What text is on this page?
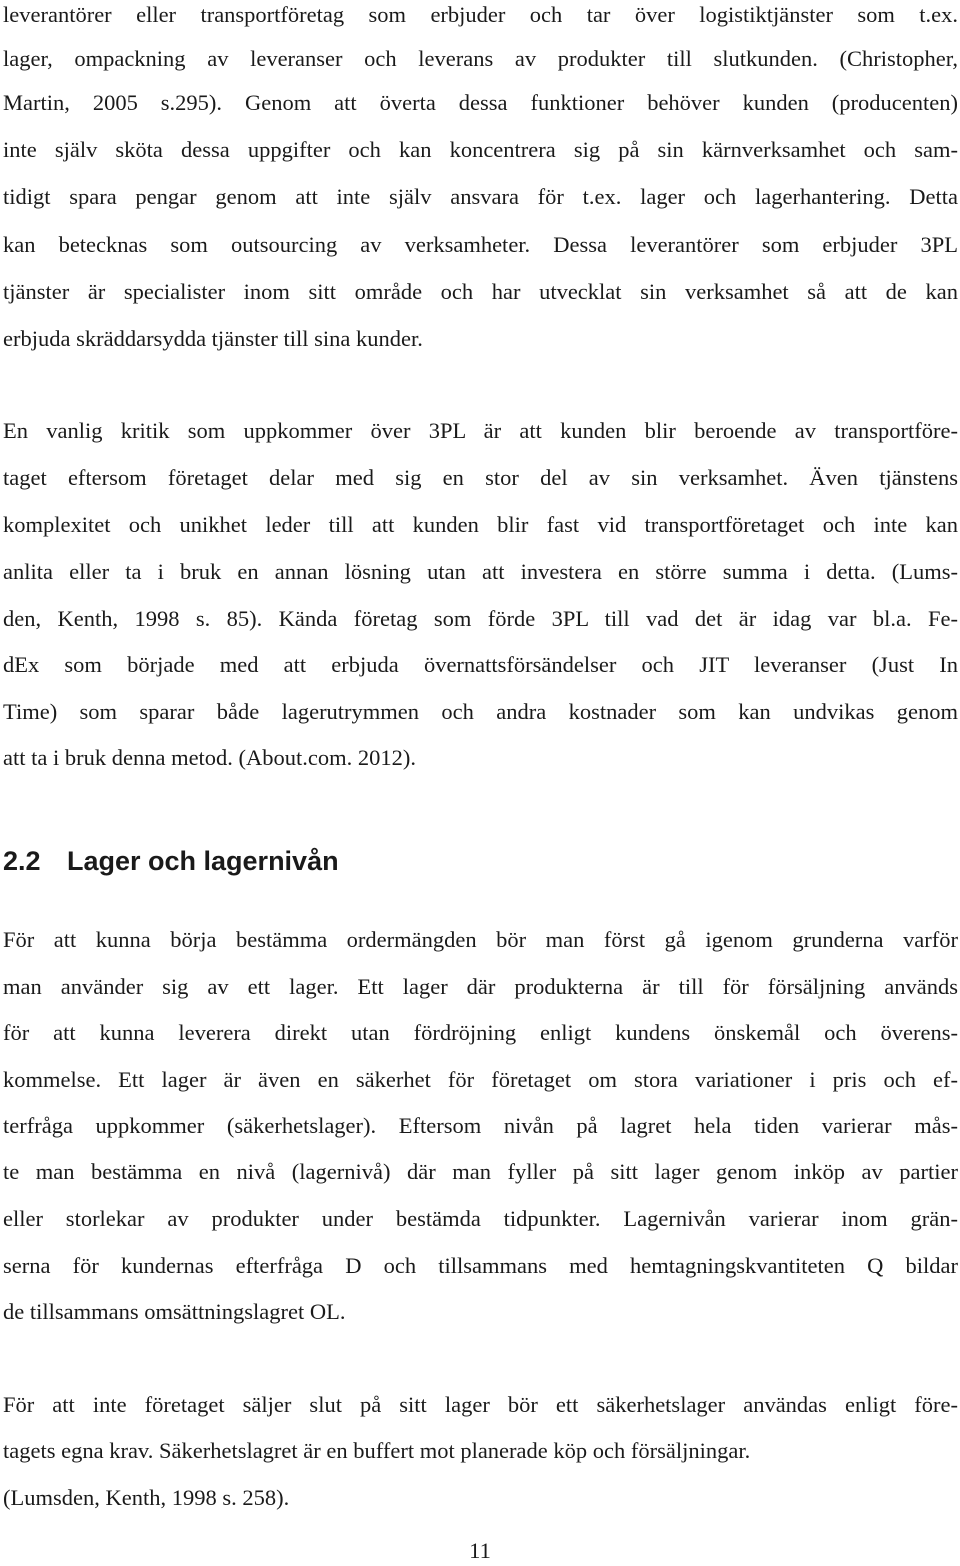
leverantörer eller transportföretag som erbjuder och tar över logistiktjänster som t.ex.
lager, ompackning av leveranser och leverans av produkter till slutkunden. (Christopher,
Martin, 2005 s.295). Genom att överta dessa funktioner behöver kunden (producenten)
inte själv sköta dessa uppgifter och kan koncentrera sig på sin kärnverksamhet och sam-
tidigt spara pengar genom att inte själv ansvara för t.ex. lager och lagerhantering. Detta
kan betecknas som outsourcing av verksamheter. Dessa leverantörer som erbjuder 3PL
tjänster är specialister inom sitt område och har utvecklat sin verksamhet så att de kan
erbjuda skräddarsydda tjänster till sina kunder.
En vanlig kritik som uppkommer över 3PL är att kunden blir beroende av transportföre-
taget eftersom företaget delar med sig en stor del av sin verksamhet. Även tjänstens
komplexitet och unikhet leder till att kunden blir fast vid transportföretaget och inte kan
anlita eller ta i bruk en annan lösning utan att investera en större summa i detta. (Lums-
den, Kenth, 1998 s. 85). Kända företag som förde 3PL till vad det är idag var bl.a. Fe-
dEx som började med att erbjuda övernattsförsändelser och JIT leveranser (Just In
Time) som sparar både lagerutrymmen och andra kostnader som kan undvikas genom
att ta i bruk denna metod. (About.com. 2012).
2.2 Lager och lagernivån
För att kunna börja bestämma ordermängden bör man först gå igenom grunderna varför
man använder sig av ett lager. Ett lager där produkterna är till för försäljning används
för att kunna leverera direkt utan fördröjning enligt kundens önskemål och överens-
kommelse. Ett lager är även en säkerhet för företaget om stora variationer i pris och ef-
terfråga uppkommer (säkerhetslager). Eftersom nivån på lagret hela tiden varierar mås-
te man bestämma en nivå (lagernivå) där man fyller på sitt lager genom inköp av partier
eller storlekar av produkter under bestämda tidpunkter. Lagernivån varierar inom grän-
serna för kundernas efterfråga D och tillsammans med hemtagningskvantiteten Q bildar
de tillsammans omsättningslagret OL.
För att inte företaget säljer slut på sitt lager bör ett säkerhetslager användas enligt före-
tagets egna krav. Säkerhetslagret är en buffert mot planerade köp och försäljningar.
(Lumsden, Kenth, 1998 s. 258).
11
